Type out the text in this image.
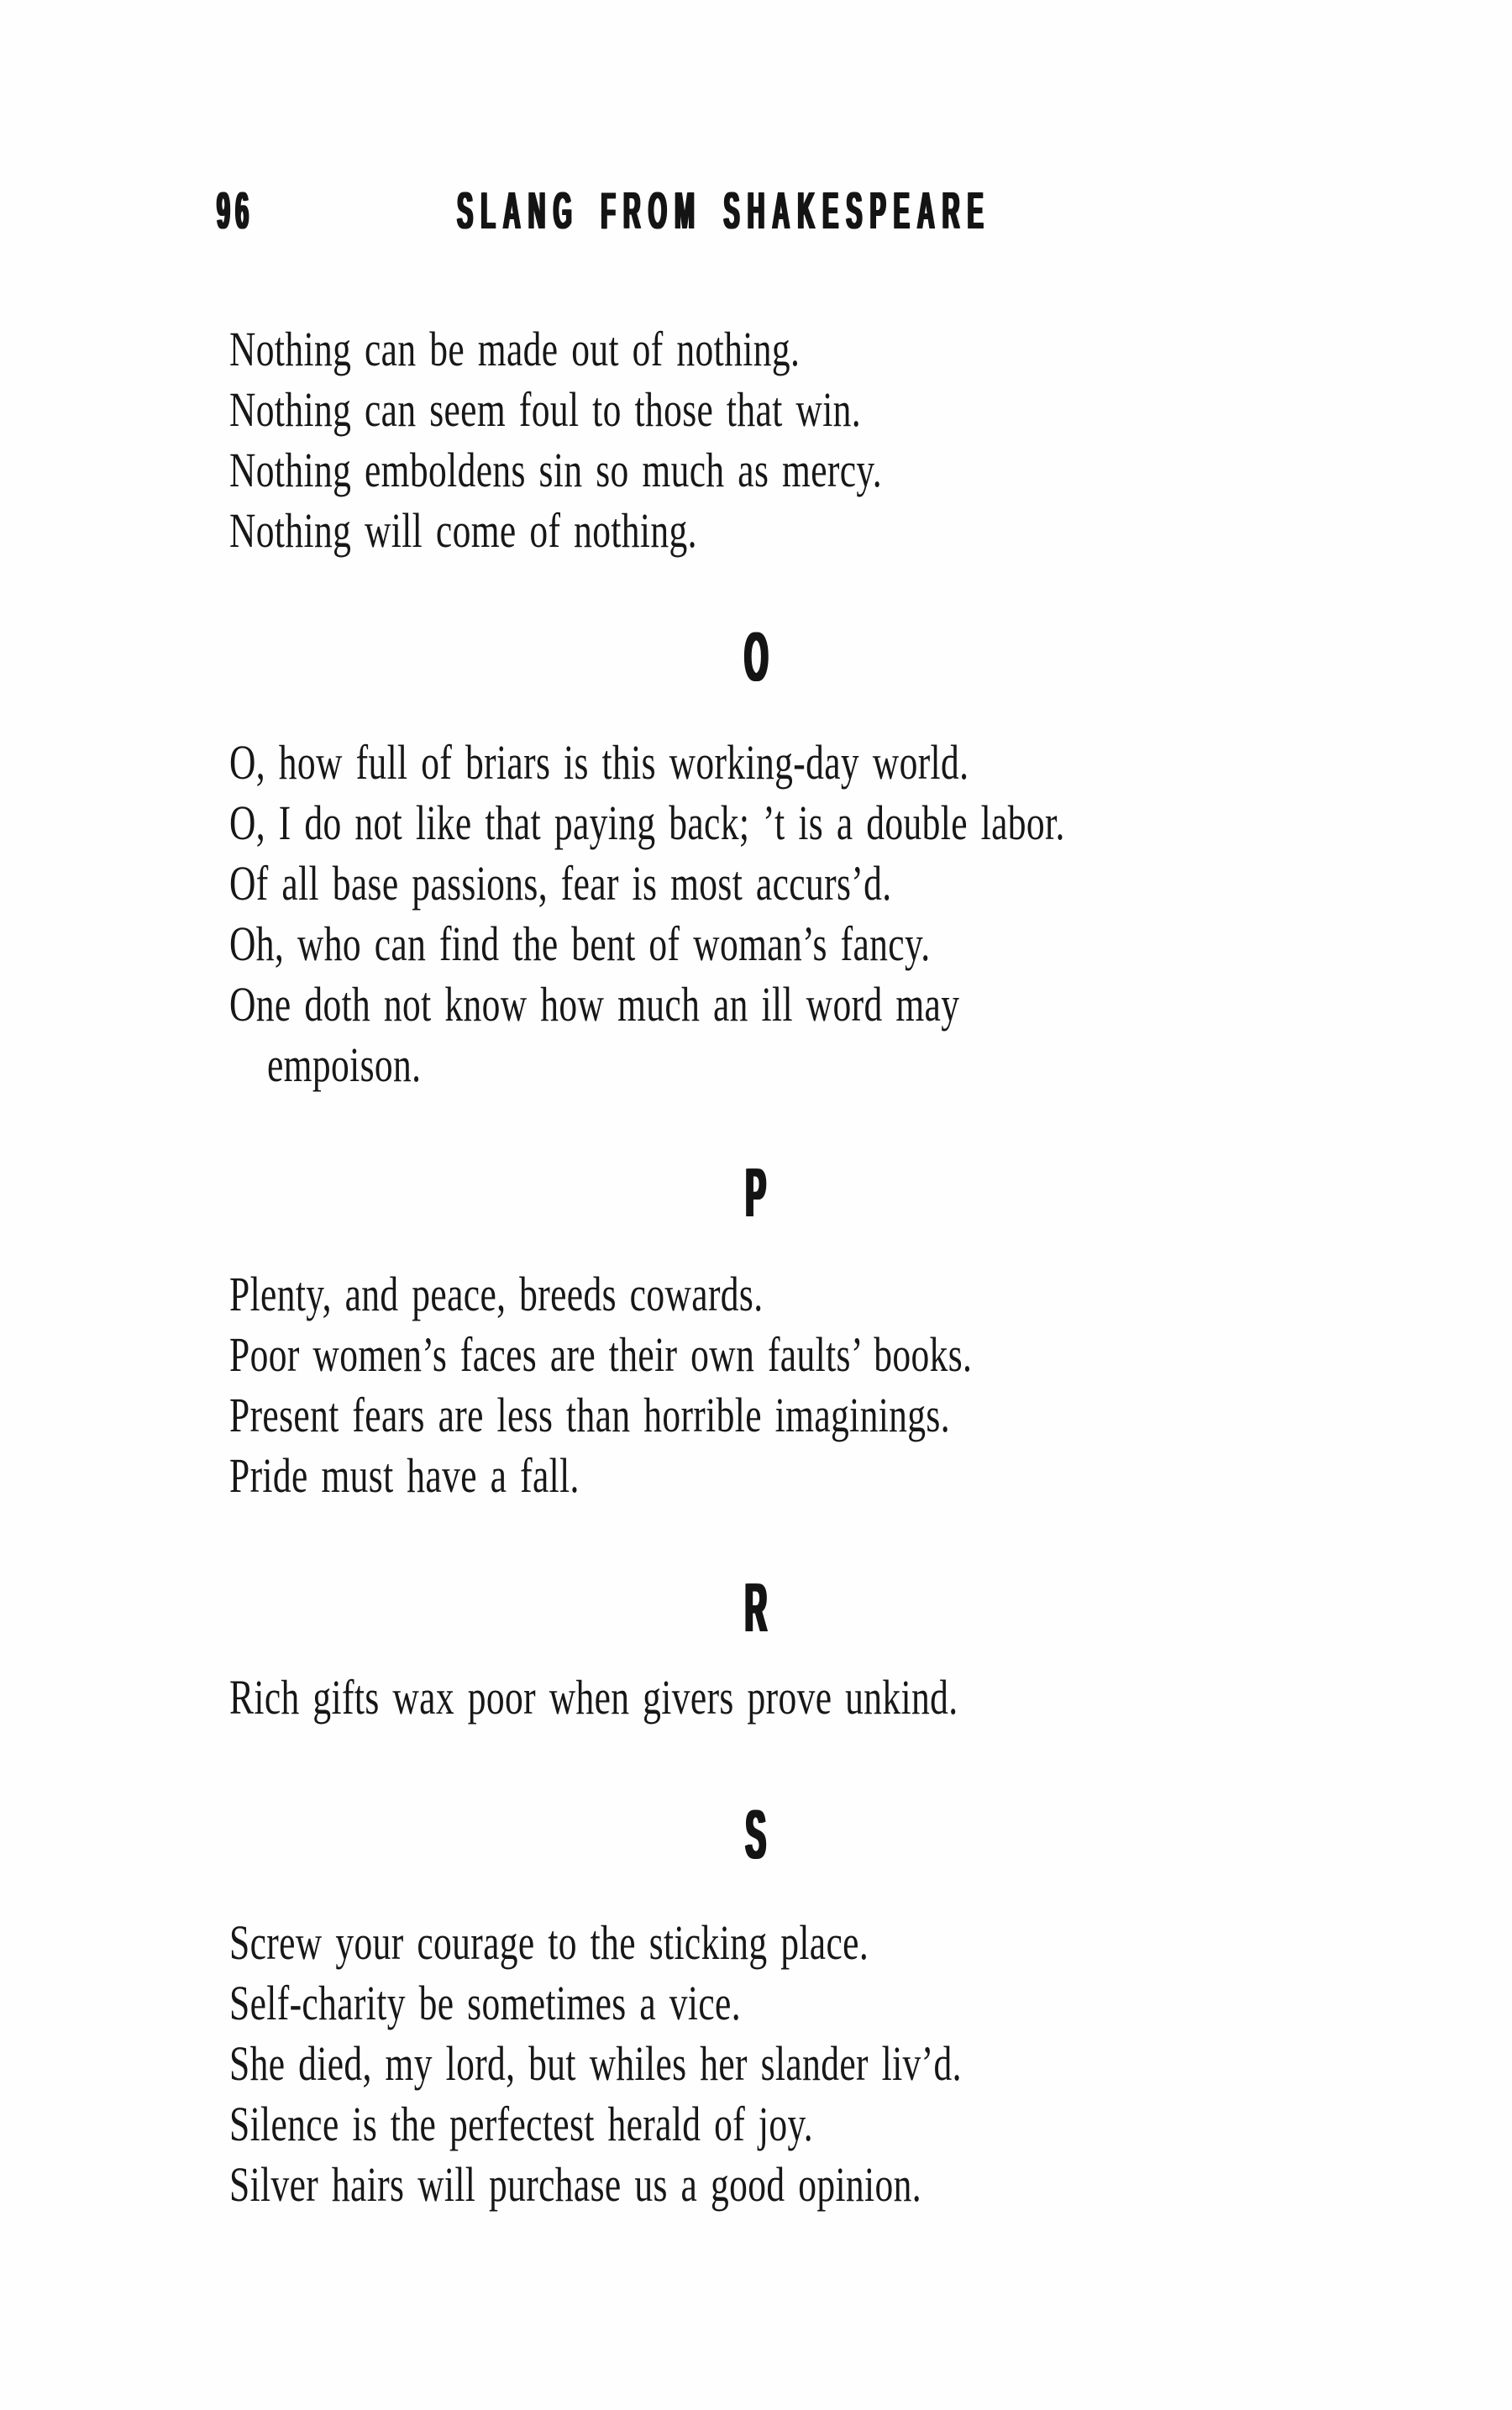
96	SLANG FROM SHAKESPEARE
Nothing can be made out of nothing.
Nothing can seem foul to those that win.
Nothing emboldens sin so much as mercy.
Nothing will come of nothing.
O
O, how full of briars is this working-day world.
O, I do not like that paying back; ’t is a double labor.
Of all base passions, fear is most accurs’d.
Oh, who can find the bent of woman’s fancy.
One doth not know how much an ill word may
empoison.
P
Plenty, and peace, breeds cowards.
Poor women’s faces are their own faults’ books.
Present fears are less than horrible imaginings.
Pride must have a fall.
R
Rich gifts wax poor when givers prove unkind.
S
Screw your courage to the sticking place.
Self-charity be sometimes a vice.
She died, my lord, but whiles her slander liv’d.
Silence is the perfectest herald of joy.
Silver hairs will purchase us a good opinion.
